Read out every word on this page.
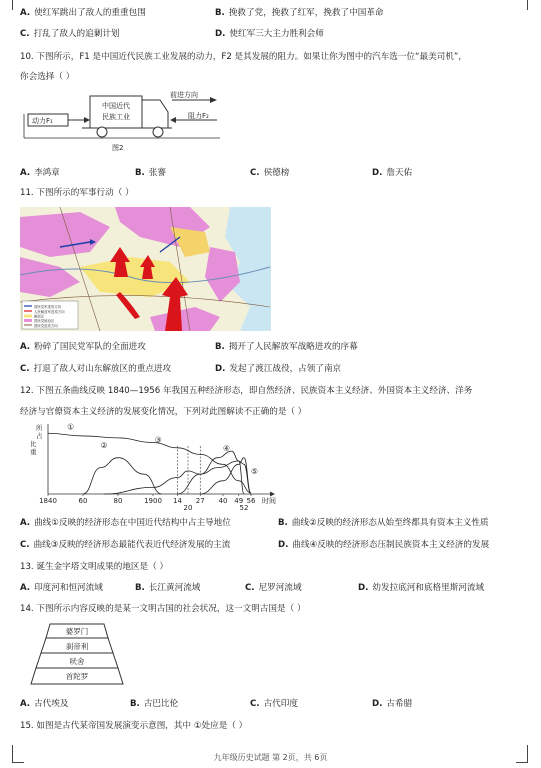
A. 使红军跳出了敌人的重重包围	B. 挽救了党，挽救了红军，挽救了中国革命
C. 打乱了敌人的追剿计划	D. 使红军三大主力胜利会师
10. 下图所示，F1 是中国近代民族工业发展的动力，F2 是其发展的阻力。如果让你为图中的汽车选一位“最美司机”，
你会选择（ ）
中国近代
民族工业
前进方向
动力F₁
阻力F₂
图2
A. 李鸿章	B. 张謇	C. 侯德榜	D. 詹天佑
11. 下图所示的军事行动（ ）
国民党军进攻方向
人民解放军进攻方向
解放区
国民党统治区
国民党进攻方向
A. 粉碎了国民党军队的全面进攻	B. 揭开了人民解放军战略进攻的序幕
C. 打退了敌人对山东解放区的重点进攻	D. 发起了渡江战役，占领了南京
12. 下图五条曲线反映 1840—1956 年我国五种经济形态，即自然经济、民族资本主义经济、外国资本主义经济、洋务
经济与官僚资本主义经济的发展变化情况，下列对此图解读不正确的是（ ）
所
占
比
重
1840	60	80	1900 14 27 40 49 56
20	52
时间
①
②
③
④
⑤
A. 曲线①反映的经济形态在中国近代结构中占主导地位	B. 曲线②反映的经济形态从始至终都具有资本主义性质
C. 曲线③反映的经济形态最能代表近代经济发展的主流	D. 曲线④反映的经济形态压制民族资本主义经济的发展
13. 诞生金字塔文明成果的地区是（ ）
A. 印度河和恒河流域	B. 长江黄河流域	C. 尼罗河流域	D. 幼发拉底河和底格里斯河流域
14. 下图所示内容反映的是某一文明古国的社会状况，这一文明古国是（ ）
婆罗门
刹帝利
吠舍
首陀罗
A. 古代埃及	B. 古巴比伦	C. 古代印度	D. 古希腊
15. 如图是古代某帝国发展演变示意图，其中 ①处应是（ ）
九年级历史试题 第 2页，共 6页
